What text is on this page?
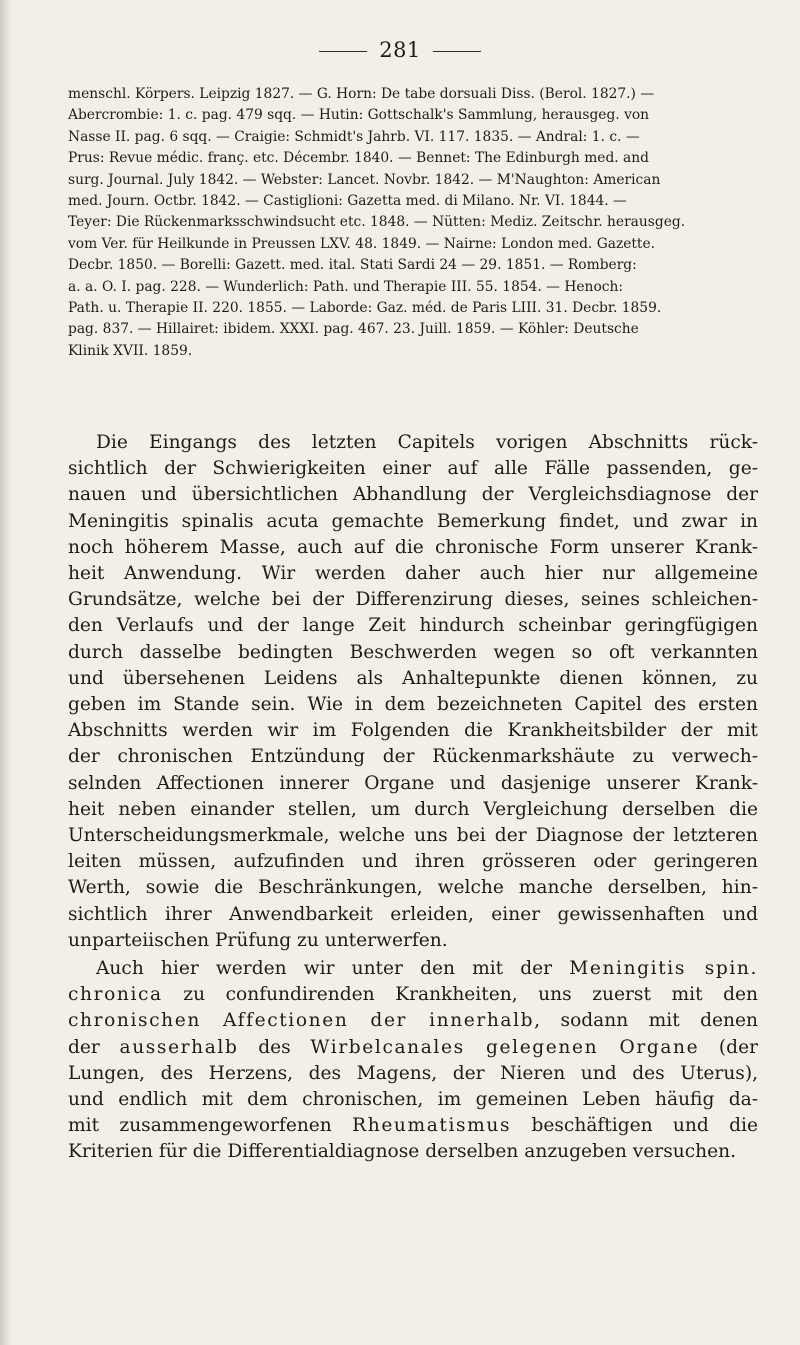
281
menschl. Körpers. Leipzig 1827. — G. Horn: De tabe dorsuali Diss. (Berol. 1827.) —
Abercrombie: 1. c. pag. 479 sqq. — Hutin: Gottschalk's Sammlung, herausgeg. von
Nasse II. pag. 6 sqq. — Craigie: Schmidt's Jahrb. VI. 117. 1835. — Andral: 1. c. —
Prus: Revue médic. franç. etc. Décembr. 1840. — Bennet: The Edinburgh med. and
surg. Journal. July 1842. — Webster: Lancet. Novbr. 1842. — M'Naughton: American
med. Journ. Octbr. 1842. — Castiglioni: Gazetta med. di Milano. Nr. VI. 1844. —
Teyer: Die Rückenmarksschwindsucht etc. 1848. — Nütten: Mediz. Zeitschr. herausgeg.
vom Ver. für Heilkunde in Preussen LXV. 48. 1849. — Nairne: London med. Gazette.
Decbr. 1850. — Borelli: Gazett. med. ital. Stati Sardi 24 — 29. 1851. — Romberg:
a. a. O. I. pag. 228. — Wunderlich: Path. und Therapie III. 55. 1854. — Henoch:
Path. u. Therapie II. 220. 1855. — Laborde: Gaz. méd. de Paris LIII. 31. Decbr. 1859.
pag. 837. — Hillairet: ibidem. XXXI. pag. 467. 23. Juill. 1859. — Köhler: Deutsche
Klinik XVII. 1859.
Die Eingangs des letzten Capitels vorigen Abschnitts rück-
sichtlich der Schwierigkeiten einer auf alle Fälle passenden, ge-
nauen und übersichtlichen Abhandlung der Vergleichsdiagnose der
Meningitis spinalis acuta gemachte Bemerkung findet, und zwar in
noch höherem Masse, auch auf die chronische Form unserer Krank-
heit Anwendung. Wir werden daher auch hier nur allgemeine
Grundsätze, welche bei der Differenzirung dieses, seines schleichen-
den Verlaufs und der lange Zeit hindurch scheinbar geringfügigen
durch dasselbe bedingten Beschwerden wegen so oft verkannten
und übersehenen Leidens als Anhaltepunkte dienen können, zu
geben im Stande sein. Wie in dem bezeichneten Capitel des ersten
Abschnitts werden wir im Folgenden die Krankheitsbilder der mit
der chronischen Entzündung der Rückenmarkshäute zu verwech-
selnden Affectionen innerer Organe und dasjenige unserer Krank-
heit neben einander stellen, um durch Vergleichung derselben die
Unterscheidungsmerkmale, welche uns bei der Diagnose der letzteren
leiten müssen, aufzufinden und ihren grösseren oder geringeren
Werth, sowie die Beschränkungen, welche manche derselben, hin-
sichtlich ihrer Anwendbarkeit erleiden, einer gewissenhaften und
unparteiischen Prüfung zu unterwerfen.
Auch hier werden wir unter den mit der Meningitis spin.
chronica zu confundirenden Krankheiten, uns zuerst mit den
chronischen Affectionen der innerhalb, sodann mit denen
der ausserhalb des Wirbelcanales gelegenen Organe (der
Lungen, des Herzens, des Magens, der Nieren und des Uterus),
und endlich mit dem chronischen, im gemeinen Leben häufig da-
mit zusammengeworfenen Rheumatismus beschäftigen und die
Kriterien für die Differentialdiagnose derselben anzugeben versuchen.
